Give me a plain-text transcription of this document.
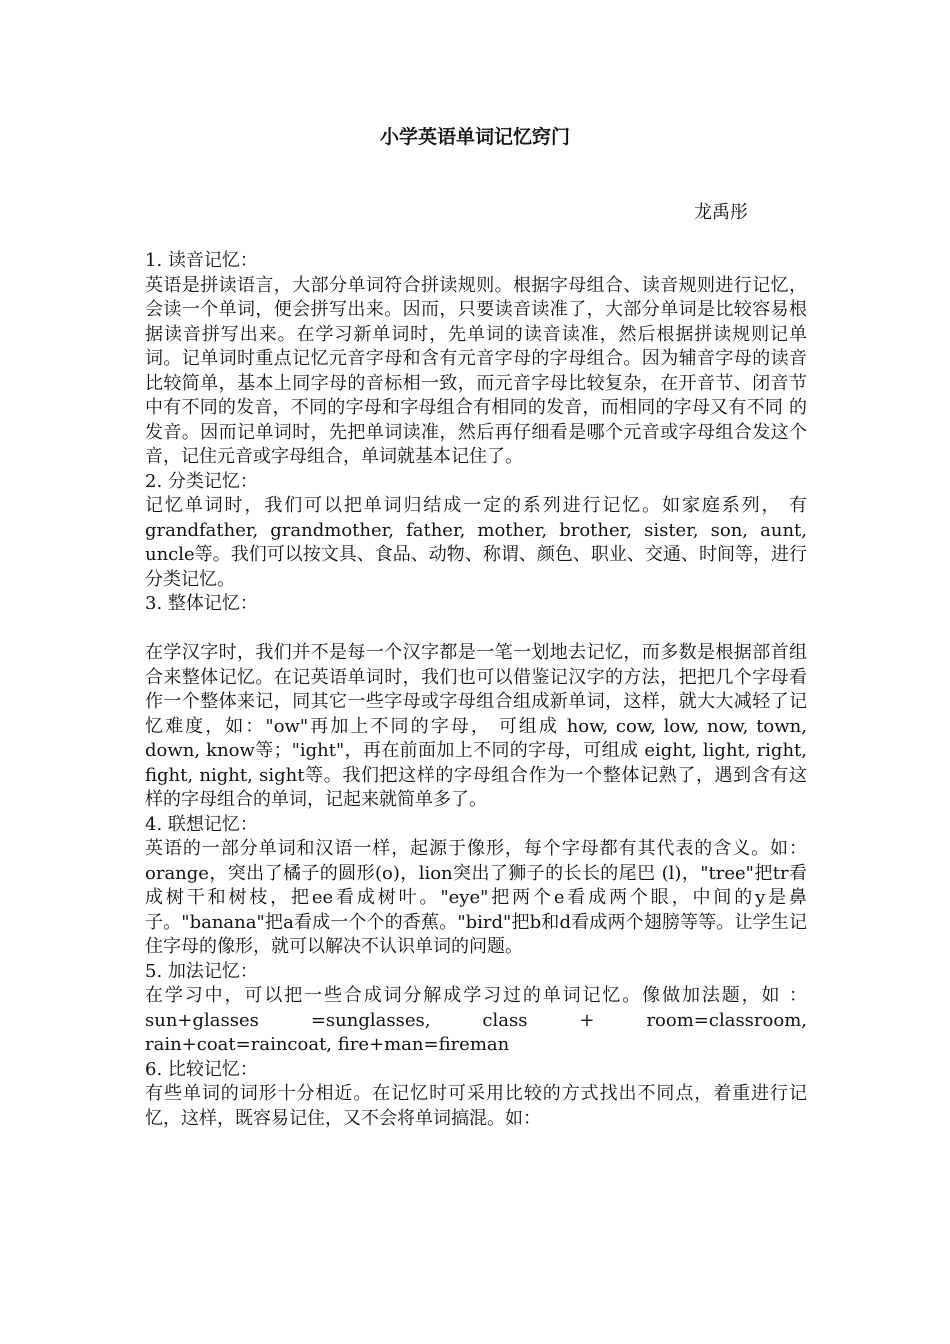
小学英语单词记忆窍门

龙禹彤

1. 读音记忆：

英语是拼读语言，大部分单词符合拼读规则。根据字母组合、读音规则进行记忆，会读一个单词，便会拼写出来。因而，只要读音读准了，大部分单词是比较容易根据读音拼写出来。在学习新单词时，先单词的读音读准，然后根据拼读规则记单词。记单词时重点记忆元音字母和含有元音字母的字母组合。因为辅音字母的读音比较简单，基本上同字母的音标相一致，而元音字母比较复杂，在开音节、闭音节中有不同的发音，不同的字母和字母组合有相同的发音，而相同的字母又有不同 的发音。因而记单词时，先把单词读准，然后再仔细看是哪个元音或字母组合发这个音，记住元音或字母组合，单词就基本记住了。

2. 分类记忆：

记忆单词时，我们可以把单词归结成一定的系列进行记忆。如家庭系列， 有 grandfather, grandmother, father, mother, brother, sister, son, aunt, uncle等。我们可以按文具、食品、动物、称谓、颜色、职业、交通、时间等，进行分类记忆。

3. 整体记忆：

在学汉字时，我们并不是每一个汉字都是一笔一划地去记忆，而多数是根据部首组合来整体记忆。在记英语单词时，我们也可以借鉴记汉字的方法，把把几个字母看作一个整体来记，同其它一些字母或字母组合组成新单词，这样，就大大减轻了记忆难度，如："ow"再加上不同的字母， 可组成 how, cow, low, now, town, down, know等；"ight"，再在前面加上不同的字母，可组成 eight, light, right, fight, night, sight等。我们把这样的字母组合作为一个整体记熟了，遇到含有这样的字母组合的单词，记起来就简单多了。

4. 联想记忆：

英语的一部分单词和汉语一样，起源于像形，每个字母都有其代表的含义。如：orange，突出了橘子的圆形(o)，lion突出了狮子的长长的尾巴 (l)，"tree"把tr看成树干和树枝，把ee看成树叶。"eye"把两个e看成两个眼，中间的y是鼻子。"banana"把a看成一个个的香蕉。"bird"把b和d看成两个翅膀等等。让学生记住字母的像形，就可以解决不认识单词的问题。

5. 加法记忆：

在学习中，可以把一些合成词分解成学习过的单词记忆。像做加法题，如 ： sun+glasses =sunglasses, class + room=classroom, rain+coat=raincoat, fire+man=fireman

6. 比较记忆：

有些单词的词形十分相近。在记忆时可采用比较的方式找出不同点，着重进行记忆，这样，既容易记住，又不会将单词搞混。如：
